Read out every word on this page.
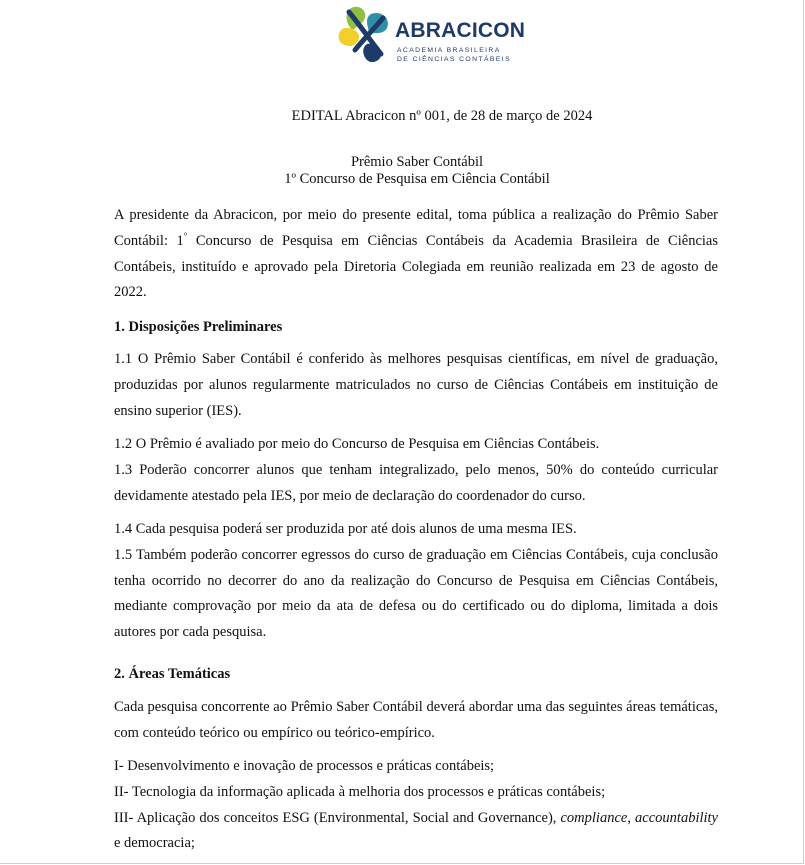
ABRACICON
ACADEMIA BRASILEIRA
DE CIÊNCIAS CONTÁBEIS
EDITAL Abracicon nº 001, de 28 de março de 2024
Prêmio Saber Contábil
1º Concurso de Pesquisa em Ciência Contábil

A presidente da Abracicon, por meio do presente edital, toma pública a realização do Prêmio Saber Contábil: 1° Concurso de Pesquisa em Ciências Contábeis da Academia Brasileira de Ciências Contábeis, instituído e aprovado pela Diretoria Colegiada em reunião realizada em 23 de agosto de 2022.

1. Disposições Preliminares

1.1 O Prêmio Saber Contábil é conferido às melhores pesquisas científicas, em nível de graduação, produzidas por alunos regularmente matriculados no curso de Ciências Contábeis em instituição de ensino superior (IES).

1.2 O Prêmio é avaliado por meio do Concurso de Pesquisa em Ciências Contábeis.

1.3 Poderão concorrer alunos que tenham integralizado, pelo menos, 50% do conteúdo curricular devidamente atestado pela IES, por meio de declaração do coordenador do curso.

1.4 Cada pesquisa poderá ser produzida por até dois alunos de uma mesma IES.

1.5 Também poderão concorrer egressos do curso de graduação em Ciências Contábeis, cuja conclusão tenha ocorrido no decorrer do ano da realização do Concurso de Pesquisa em Ciências Contábeis, mediante comprovação por meio da ata de defesa ou do certificado ou do diploma, limitada a dois autores por cada pesquisa.

2. Áreas Temáticas

Cada pesquisa concorrente ao Prêmio Saber Contábil deverá abordar uma das seguintes áreas temáticas, com conteúdo teórico ou empírico ou teórico-empírico.

I- Desenvolvimento e inovação de processos e práticas contábeis;

II- Tecnologia da informação aplicada à melhoria dos processos e práticas contábeis;

III- Aplicação dos conceitos ESG (Environmental, Social and Governance), compliance, accountability e democracia;
